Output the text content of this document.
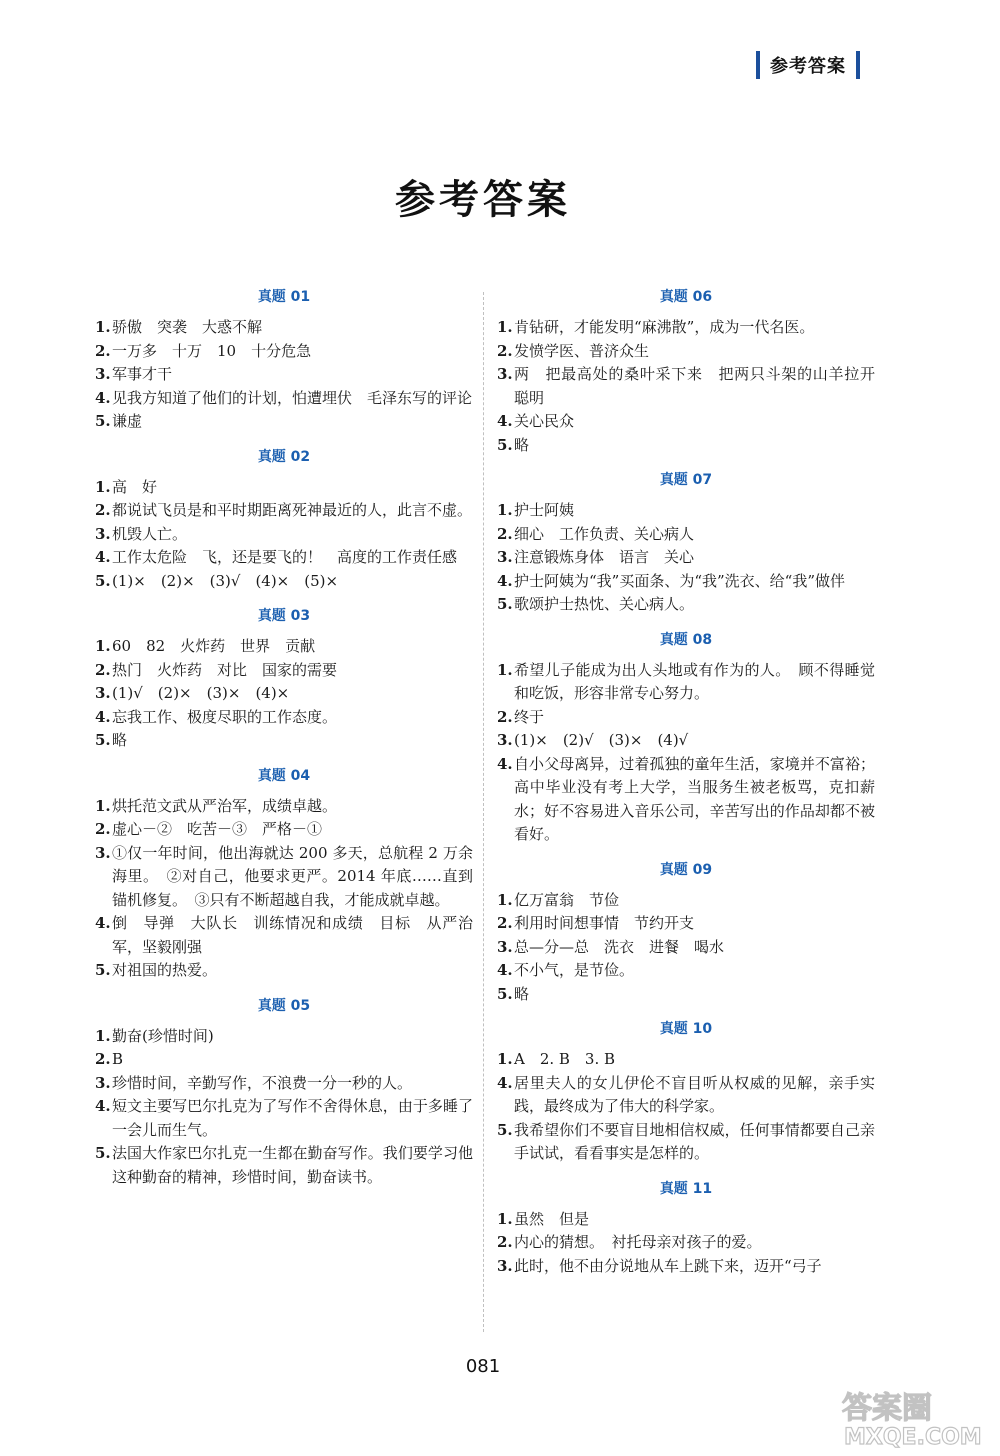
参考答案
参考答案
真题 01
1. 骄傲　突袭　大惑不解
2. 一万多　十万　10　十分危急
3. 军事才干
4. 见我方知道了他们的计划，怕遭埋伏　毛泽东写的评论
5. 谦虚
真题 02
1. 高　好
2. 都说试飞员是和平时期距离死神最近的人，此言不虚。
3. 机毁人亡。
4. 工作太危险　飞，还是要飞的！　高度的工作责任感
5. (1)×　(2)×　(3)√　(4)×　(5)×
真题 03
1. 60　82　火炸药　世界　贡献
2. 热门　火炸药　对比　国家的需要
3. (1)√　(2)×　(3)×　(4)×
4. 忘我工作、极度尽职的工作态度。
5. 略
真题 04
1. 烘托范文武从严治军，成绩卓越。
2. 虚心－②　吃苦－③　严格－①
3. ①仅一年时间，他出海就达 200 多天，总航程 2 万余海里。　②对自己，他要求更严。2014 年底……直到锚机修复。　③只有不断超越自我，才能成就卓越。
4. 倒　导弹　大队长　训练情况和成绩　目标　从严治军，坚毅刚强
5. 对祖国的热爱。
真题 05
1. 勤奋(珍惜时间)
2. B
3. 珍惜时间，辛勤写作，不浪费一分一秒的人。
4. 短文主要写巴尔扎克为了写作不舍得休息，由于多睡了一会儿而生气。
5. 法国大作家巴尔扎克一生都在勤奋写作。我们要学习他这种勤奋的精神，珍惜时间，勤奋读书。
真题 06
1. 肯钻研，才能发明“麻沸散”，成为一代名医。
2. 发愤学医、普济众生
3. 两　把最高处的桑叶采下来　把两只斗架的山羊拉开　聪明
4. 关心民众
5. 略
真题 07
1. 护士阿姨
2. 细心　工作负责、关心病人
3. 注意锻炼身体　语言　关心
4. 护士阿姨为“我”买面条、为“我”洗衣、给“我”做伴
5. 歌颂护士热忱、关心病人。
真题 08
1. 希望儿子能成为出人头地或有作为的人。　顾不得睡觉和吃饭，形容非常专心努力。
2. 终于
3. (1)×　(2)√　(3)×　(4)√
4. 自小父母离异，过着孤独的童年生活，家境并不富裕；高中毕业没有考上大学，当服务生被老板骂，克扣薪水；好不容易进入音乐公司，辛苦写出的作品却都不被看好。
真题 09
1. 亿万富翁　节俭
2. 利用时间想事情　节约开支
3. 总—分—总　洗衣　进餐　喝水
4. 不小气，是节俭。
5. 略
真题 10
1. A　2. B　3. B
4. 居里夫人的女儿伊伦不盲目听从权威的见解，亲手实践，最终成为了伟大的科学家。
5. 我希望你们不要盲目地相信权威，任何事情都要自己亲手试试，看看事实是怎样的。
真题 11
1. 虽然　但是
2. 内心的猜想。　衬托母亲对孩子的爱。
3. 此时，他不由分说地从车上跳下来，迈开“弓子
081
答案圈
MXQE.COM
